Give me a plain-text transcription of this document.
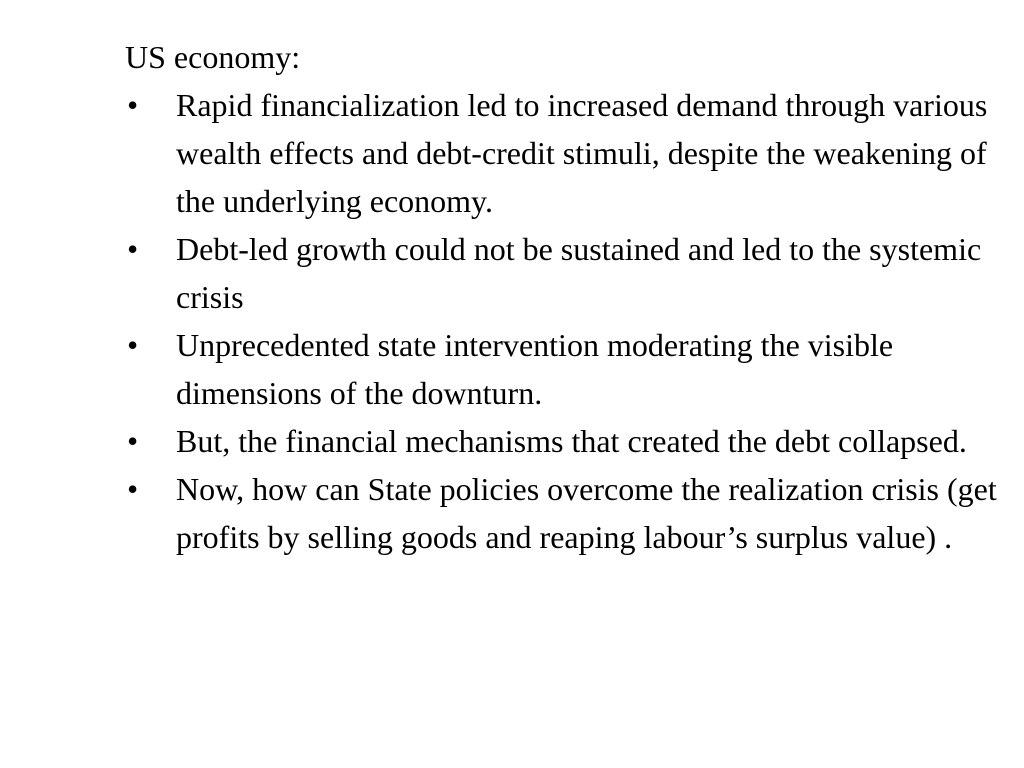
US economy:
• Rapid financialization led to increased demand through various wealth effects and debt-credit stimuli, despite the weakening of the underlying economy.
• Debt-led growth could not be sustained and led to the systemic crisis
• Unprecedented state intervention moderating the visible dimensions of the downturn.
• But, the financial mechanisms that created the debt collapsed.
• Now, how can State policies overcome the realization crisis (get profits by selling goods and reaping labour’s surplus value) .
